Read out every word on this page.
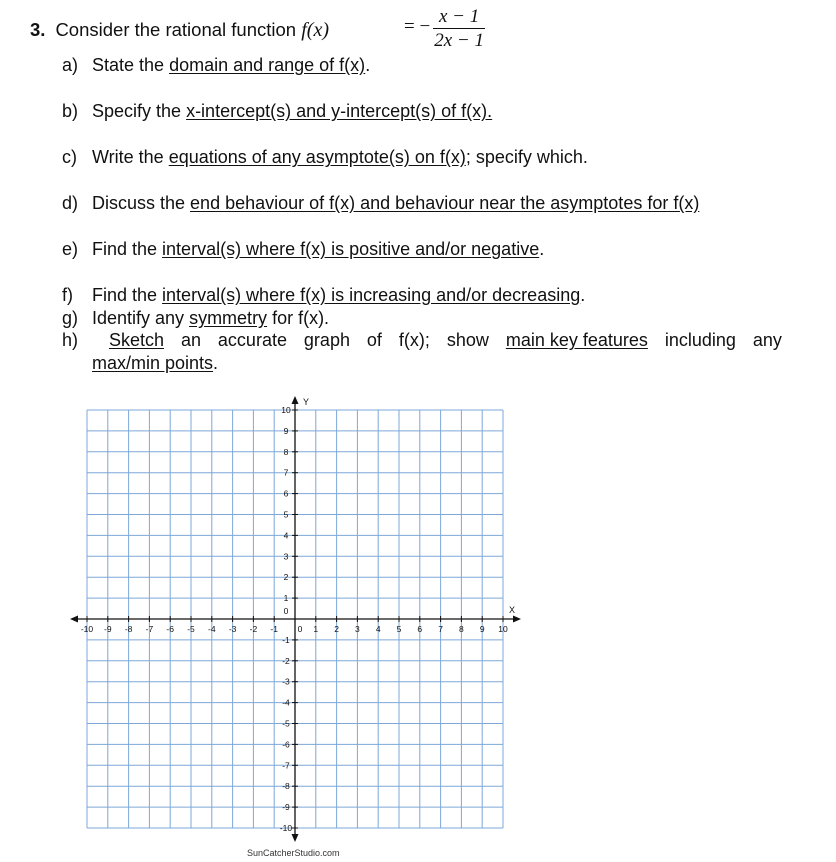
3. Consider the rational function f(x)	= − $\frac{x - 1}{2x - 1}$
a) State the domain and range of f(x).
b) Specify the x-intercept(s) and y-intercept(s) of f(x).
c) Write the equations of any asymptote(s) on f(x); specify which.
d) Discuss the end behaviour of f(x) and behaviour near the asymptotes for f(x)
e) Find the interval(s) where f(x) is positive and/or negative.
f) Find the interval(s) where f(x) is increasing and/or decreasing.
g) Identify any symmetry for f(x).
h)	Sketch an accurate graph of f(x); show main key features including any
max/min points.
X
Y
-10 -9 -8 -7 -6 -5 -4 -3 -2 -1 0 1 2 3 4 5 6 7 8 9 10
10
9
8
7
6
5
4
3
2
1
0
-1
-2
-3
-4
-5
-6
-7
-8
-9
-10
SunCatcherStudio.com
